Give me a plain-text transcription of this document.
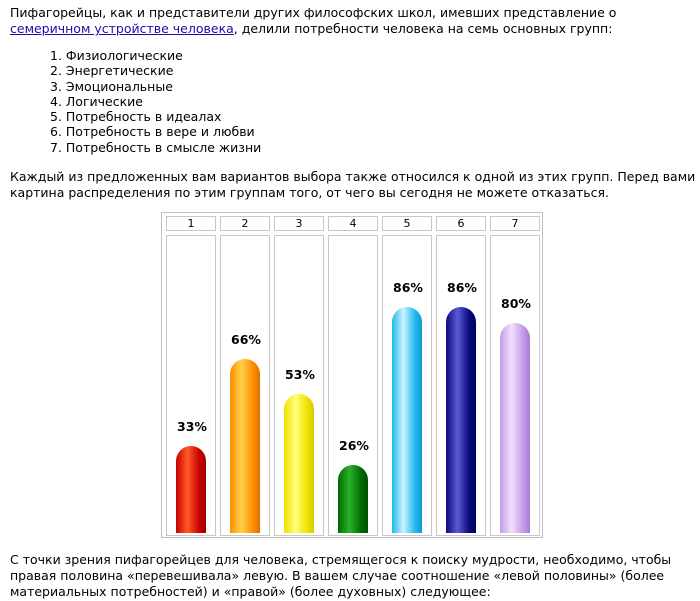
Пифагорейцы, как и представители других философских школ, имевших представление о семеричном устройстве человека, делили потребности человека на семь основных групп:

1. Физиологические
2. Энергетические
3. Эмоциональные
4. Логические
5. Потребность в идеалах
6. Потребность в вере и любви
7. Потребность в смысле жизни

Каждый из предложенных вам вариантов выбора также относился к одной из этих групп. Перед вами картина распределения по этим группам того, от чего вы сегодня не можете отказаться.

1
33%
2
66%
3
53%
4
26%
5
86%
6
86%
7
80%

С точки зрения пифагорейцев для человека, стремящегося к поиску мудрости, необходимо, чтобы правая половина «перевешивала» левую. В вашем случае соотношение «левой половины» (более материальных потребностей) и «правой» (более духовных) следующее:
